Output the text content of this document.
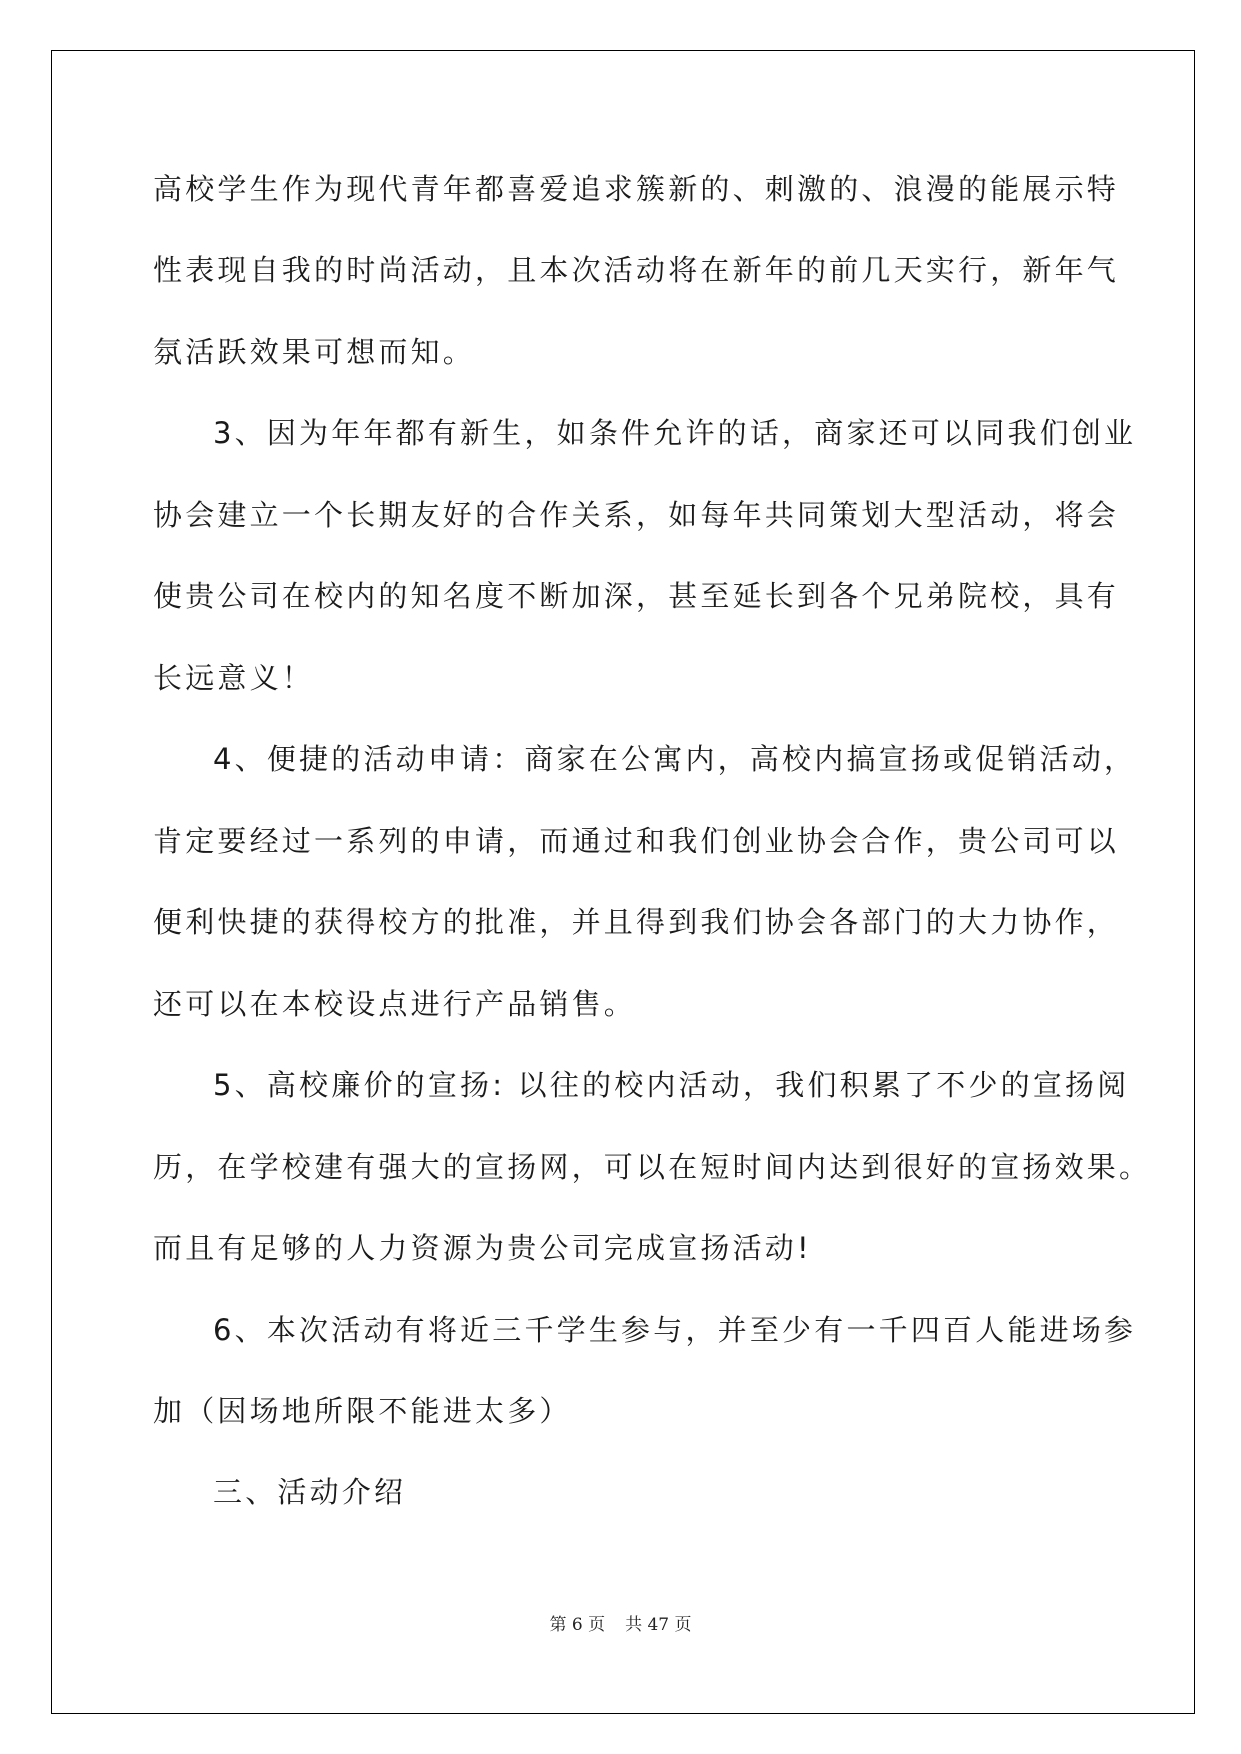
高校学生作为现代青年都喜爱追求簇新的、刺激的、浪漫的能展示特
性表现自我的时尚活动，且本次活动将在新年的前几天实行，新年气
氛活跃效果可想而知。
3、因为年年都有新生，如条件允许的话，商家还可以同我们创业
协会建立一个长期友好的合作关系，如每年共同策划大型活动，将会
使贵公司在校内的知名度不断加深，甚至延长到各个兄弟院校，具有
长远意义！
4、便捷的活动申请：商家在公寓内，高校内搞宣扬或促销活动，
肯定要经过一系列的申请，而通过和我们创业协会合作，贵公司可以
便利快捷的获得校方的批准，并且得到我们协会各部门的大力协作，
还可以在本校设点进行产品销售。
5、高校廉价的宣扬: 以往的校内活动，我们积累了不少的宣扬阅
历，在学校建有强大的宣扬网，可以在短时间内达到很好的宣扬效果。
而且有足够的人力资源为贵公司完成宣扬活动!
6、本次活动有将近三千学生参与，并至少有一千四百人能进场参
加（因场地所限不能进太多）
三、活动介绍
第 6 页 共 47 页
